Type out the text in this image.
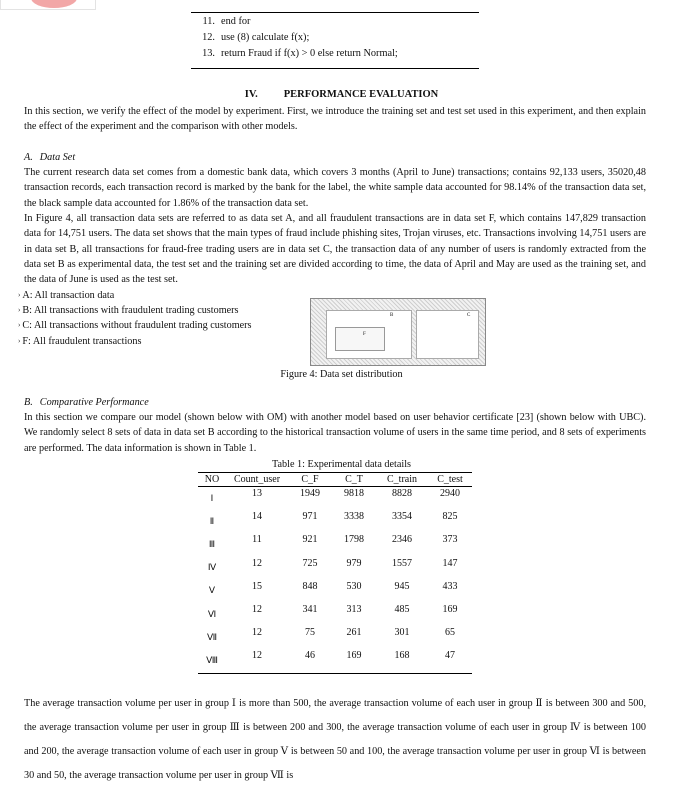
11. end for
12. use (8) calculate f(x);
13. return Fraud if f(x) > 0 else return Normal;
IV. PERFORMANCE EVALUATION

In this section, we verify the effect of the model by experiment. First, we introduce the training set and test set used in this experiment, and then explain the effect of the experiment and the comparison with other models.

A. Data Set

The current research data set comes from a domestic bank data, which covers 3 months (April to June) transactions; contains 92,133 users, 35020,48 transaction records, each transaction record is marked by the bank for the label, the white sample data accounted for 98.14% of the transaction data set, the black sample data accounted for 1.86% of the transaction data set.

In Figure 4, all transaction data sets are referred to as data set A, and all fraudulent transactions are in data set F, which contains 147,829 transaction data for 14,751 users. The data set shows that the main types of fraud include phishing sites, Trojan viruses, etc. Transactions involving 14,751 users are in data set B, all transactions for fraud-free trading users are in data set C, the transaction data of any number of users is randomly extracted from the data set B as experimental data, the test set and the training set are divided according to time, the data of April and May are used as the training set, and the data of June is used as the test set.

› A: All transaction data
› B: All transactions with fraudulent trading customers
› C: All transactions without fraudulent trading customers
› F: All fraudulent transactions
B
F
C
Figure 4: Data set distribution
B. Comparative Performance

In this section we compare our model (shown below with OM) with another model based on user behavior certificate [23] (shown below with UBC). We randomly select 8 sets of data in data set B according to the historical transaction volume of users in the same time period, and 8 sets of experiments are performed. The data information is shown in Table 1.

Table 1: Experimental data details
NO	Count_user	C_F	C_T	C_train	C_test
Ⅰ	13	1949	9818	8828	2940
Ⅱ	14	971	3338	3354	825
Ⅲ	11	921	1798	2346	373
Ⅳ	12	725	979	1557	147
Ⅴ	15	848	530	945	433
Ⅵ	12	341	313	485	169
Ⅶ	12	75	261	301	65
Ⅷ	12	46	169	168	47

The average transaction volume per user in group Ⅰ is more than 500, the average transaction volume of each user in group Ⅱ is between 300 and 500, the average transaction volume per user in group Ⅲ is between 200 and 300, the average transaction volume of each user in group Ⅳ is between 100 and 200, the average transaction volume of each user in group Ⅴ is between 50 and 100, the average transaction volume per user in group Ⅵ is between 30 and 50, the average transaction volume per user in group Ⅶ is
